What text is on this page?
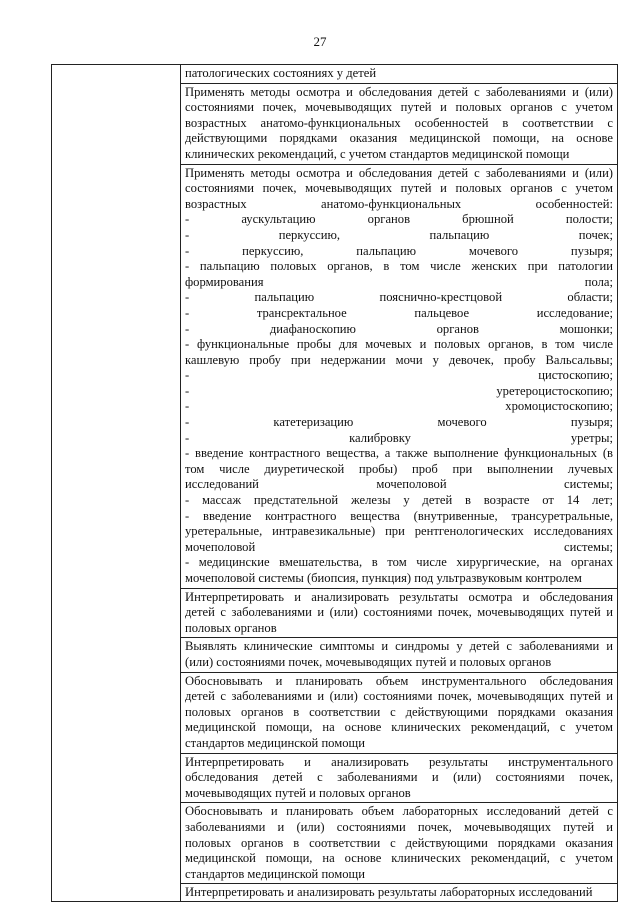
27

патологических состояниях у детей

Применять методы осмотра и обследования детей с заболеваниями и (или)
состояниями почек, мочевыводящих путей и половых органов с учетом
возрастных анатомо-функциональных особенностей в соответствии с
действующими порядками оказания медицинской помощи, на основе
клинических рекомендаций, с учетом стандартов медицинской помощи

Применять методы осмотра и обследования детей с заболеваниями и (или)
состояниями почек, мочевыводящих путей и половых органов с учетом
возрастных анатомо-функциональных особенностей:
- аускультацию органов брюшной полости;
- перкуссию, пальпацию почек;
- перкуссию, пальпацию мочевого пузыря;
- пальпацию половых органов, в том числе женских при патологии
формирования пола;
- пальпацию пояснично-крестцовой области;
- трансректальное пальцевое исследование;
- диафаноскопию органов мошонки;
- функциональные пробы для мочевых и половых органов, в том числе
кашлевую пробу при недержании мочи у девочек, пробу Вальсальвы;
- цистоскопию;
- уретероцистоскопию;
- хромоцистоскопию;
- катетеризацию мочевого пузыря;
- калибровку уретры;
- введение контрастного вещества, а также выполнение функциональных (в
том числе диуретической пробы) проб при выполнении лучевых
исследований мочеполовой системы;
- массаж предстательной железы у детей в возрасте от 14 лет;
- введение контрастного вещества (внутривенные, трансуретральные,
уретеральные, интравезикальные) при рентгенологических исследованиях
мочеполовой системы;
- медицинские вмешательства, в том числе хирургические, на органах
мочеполовой системы (биопсия, пункция) под ультразвуковым контролем

Интерпретировать и анализировать результаты осмотра и обследования
детей с заболеваниями и (или) состояниями почек, мочевыводящих путей и
половых органов

Выявлять клинические симптомы и синдромы у детей с заболеваниями и
(или) состояниями почек, мочевыводящих путей и половых органов

Обосновывать и планировать объем инструментального обследования
детей с заболеваниями и (или) состояниями почек, мочевыводящих путей и
половых органов в соответствии с действующими порядками оказания
медицинской помощи, на основе клинических рекомендаций, с учетом
стандартов медицинской помощи

Интерпретировать и анализировать результаты инструментального
обследования детей с заболеваниями и (или) состояниями почек,
мочевыводящих путей и половых органов

Обосновывать и планировать объем лабораторных исследований детей с
заболеваниями и (или) состояниями почек, мочевыводящих путей и
половых органов в соответствии с действующими порядками оказания
медицинской помощи, на основе клинических рекомендаций, с учетом
стандартов медицинской помощи

Интерпретировать и анализировать результаты лабораторных исследований
